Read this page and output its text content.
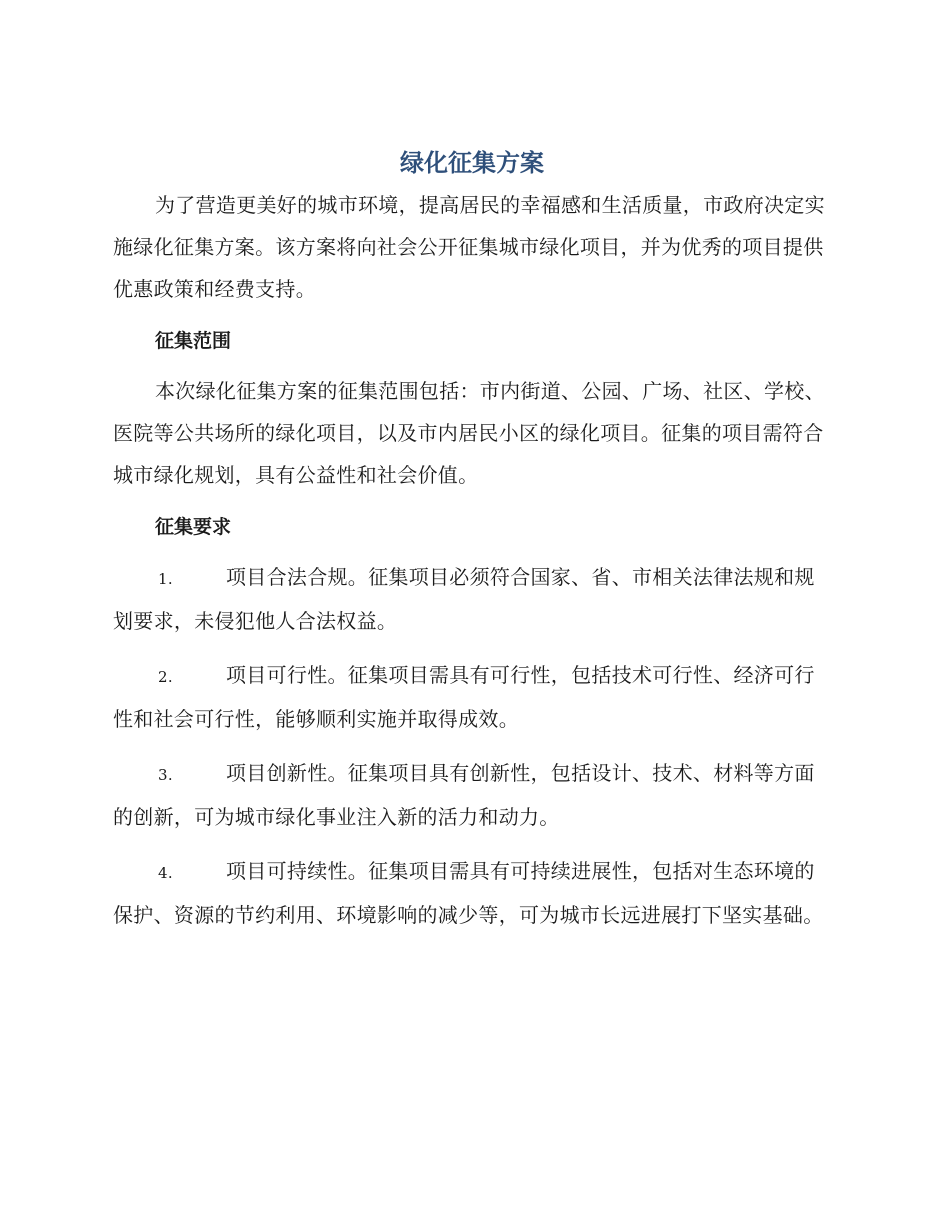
绿化征集方案

为了营造更美好的城市环境，提高居民的幸福感和生活质量，市政府决定实施绿化征集方案。该方案将向社会公开征集城市绿化项目，并为优秀的项目提供优惠政策和经费支持。

征集范围

本次绿化征集方案的征集范围包括：市内街道、公园、广场、社区、学校、医院等公共场所的绿化项目，以及市内居民小区的绿化项目。征集的项目需符合城市绿化规划，具有公益性和社会价值。

征集要求
1.	项目合法合规。征集项目必须符合国家、省、市相关法律法规和规划要求，未侵犯他人合法权益。
2.	项目可行性。征集项目需具有可行性，包括技术可行性、经济可行性和社会可行性，能够顺利实施并取得成效。
3.	项目创新性。征集项目具有创新性，包括设计、技术、材料等方面的创新，可为城市绿化事业注入新的活力和动力。
4.	项目可持续性。征集项目需具有可持续进展性，包括对生态环境的保护、资源的节约利用、环境影响的减少等，可为城市长远进展打下坚实基础。
